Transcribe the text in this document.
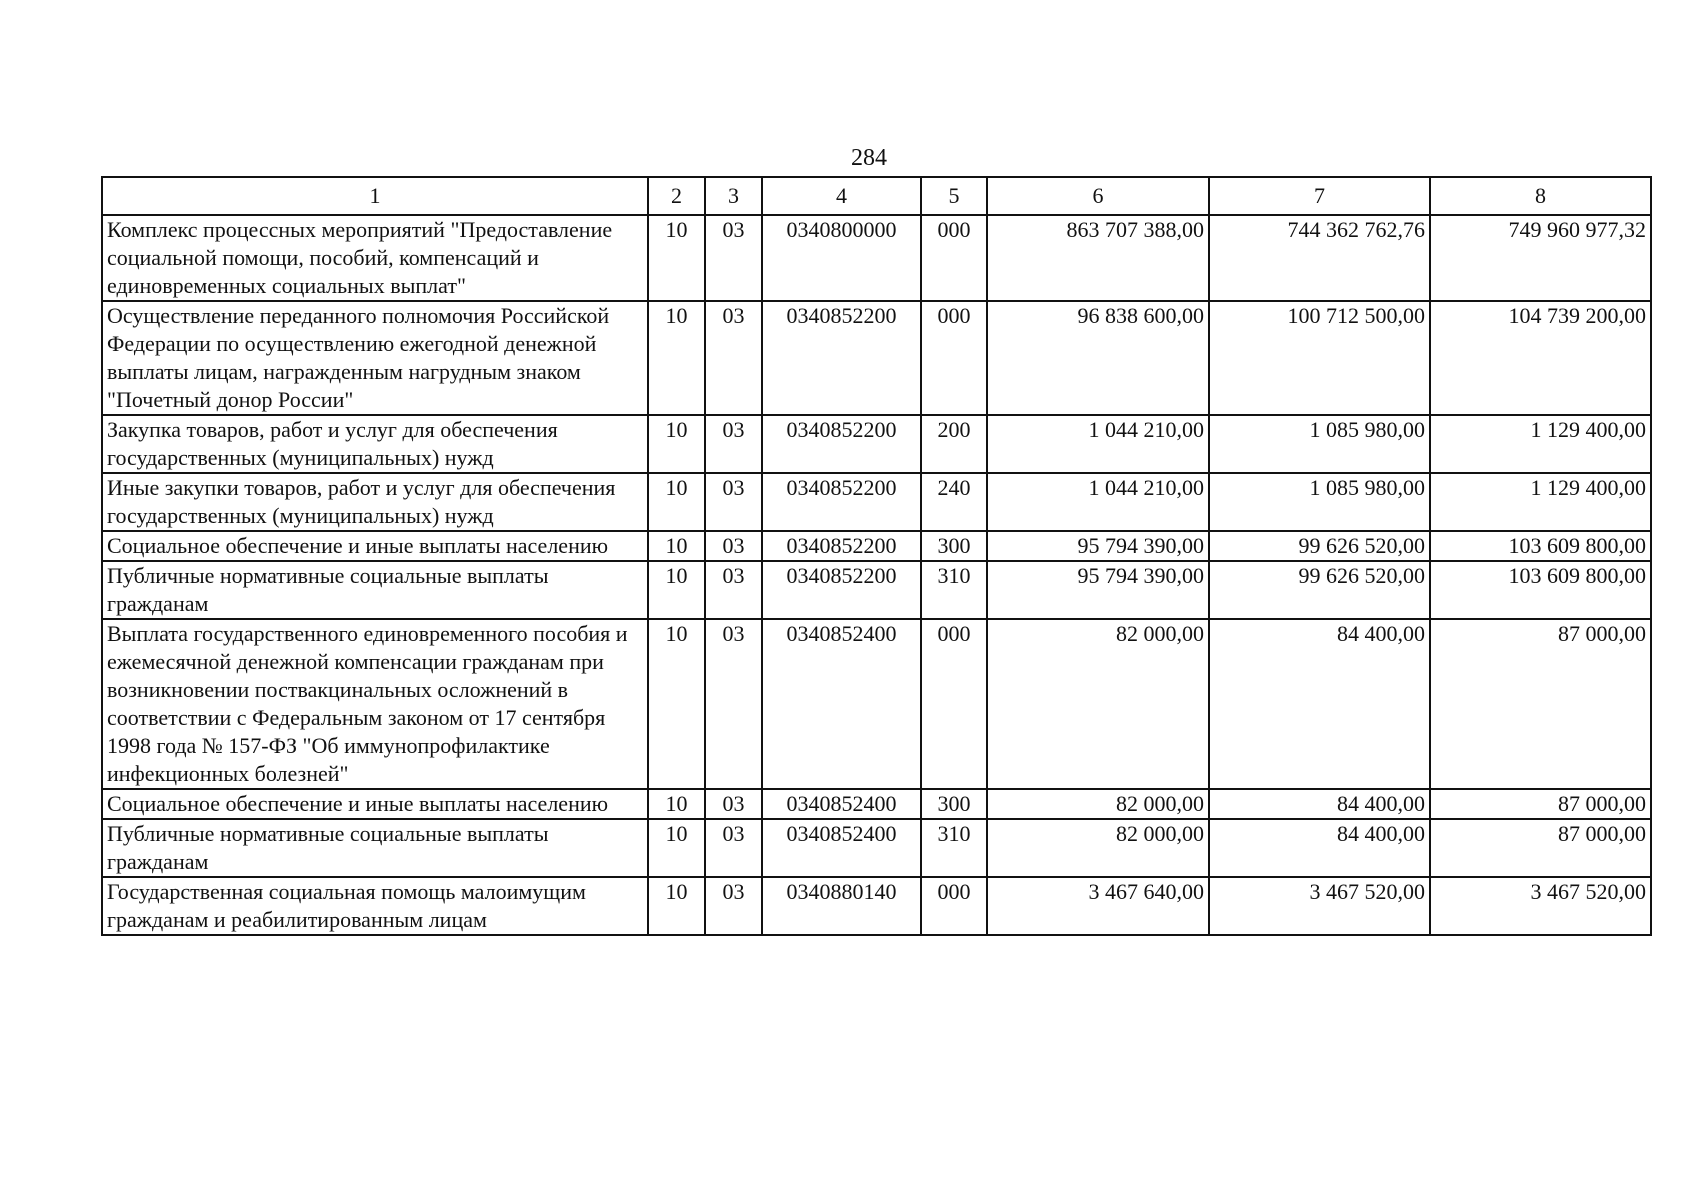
284
1	2	3	4	5	6	7	8
Комплекс процессных мероприятий "Предоставление социальной помощи, пособий, компенсаций и единовременных социальных выплат"	10	03	0340800000	000	863 707 388,00	744 362 762,76	749 960 977,32
Осуществление переданного полномочия Российской Федерации по осуществлению ежегодной денежной выплаты лицам, награжденным нагрудным знаком "Почетный донор России"	10	03	0340852200	000	96 838 600,00	100 712 500,00	104 739 200,00
Закупка товаров, работ и услуг для обеспечения государственных (муниципальных) нужд	10	03	0340852200	200	1 044 210,00	1 085 980,00	1 129 400,00
Иные закупки товаров, работ и услуг для обеспечения государственных (муниципальных) нужд	10	03	0340852200	240	1 044 210,00	1 085 980,00	1 129 400,00
Социальное обеспечение и иные выплаты населению	10	03	0340852200	300	95 794 390,00	99 626 520,00	103 609 800,00
Публичные нормативные социальные выплаты гражданам	10	03	0340852200	310	95 794 390,00	99 626 520,00	103 609 800,00
Выплата государственного единовременного пособия и ежемесячной денежной компенсации гражданам при возникновении поствакцинальных осложнений в соответствии с Федеральным законом от 17 сентября 1998 года № 157-ФЗ "Об иммунопрофилактике инфекционных болезней"	10	03	0340852400	000	82 000,00	84 400,00	87 000,00
Социальное обеспечение и иные выплаты населению	10	03	0340852400	300	82 000,00	84 400,00	87 000,00
Публичные нормативные социальные выплаты гражданам	10	03	0340852400	310	82 000,00	84 400,00	87 000,00
Государственная социальная помощь малоимущим гражданам и реабилитированным лицам	10	03	0340880140	000	3 467 640,00	3 467 520,00	3 467 520,00
